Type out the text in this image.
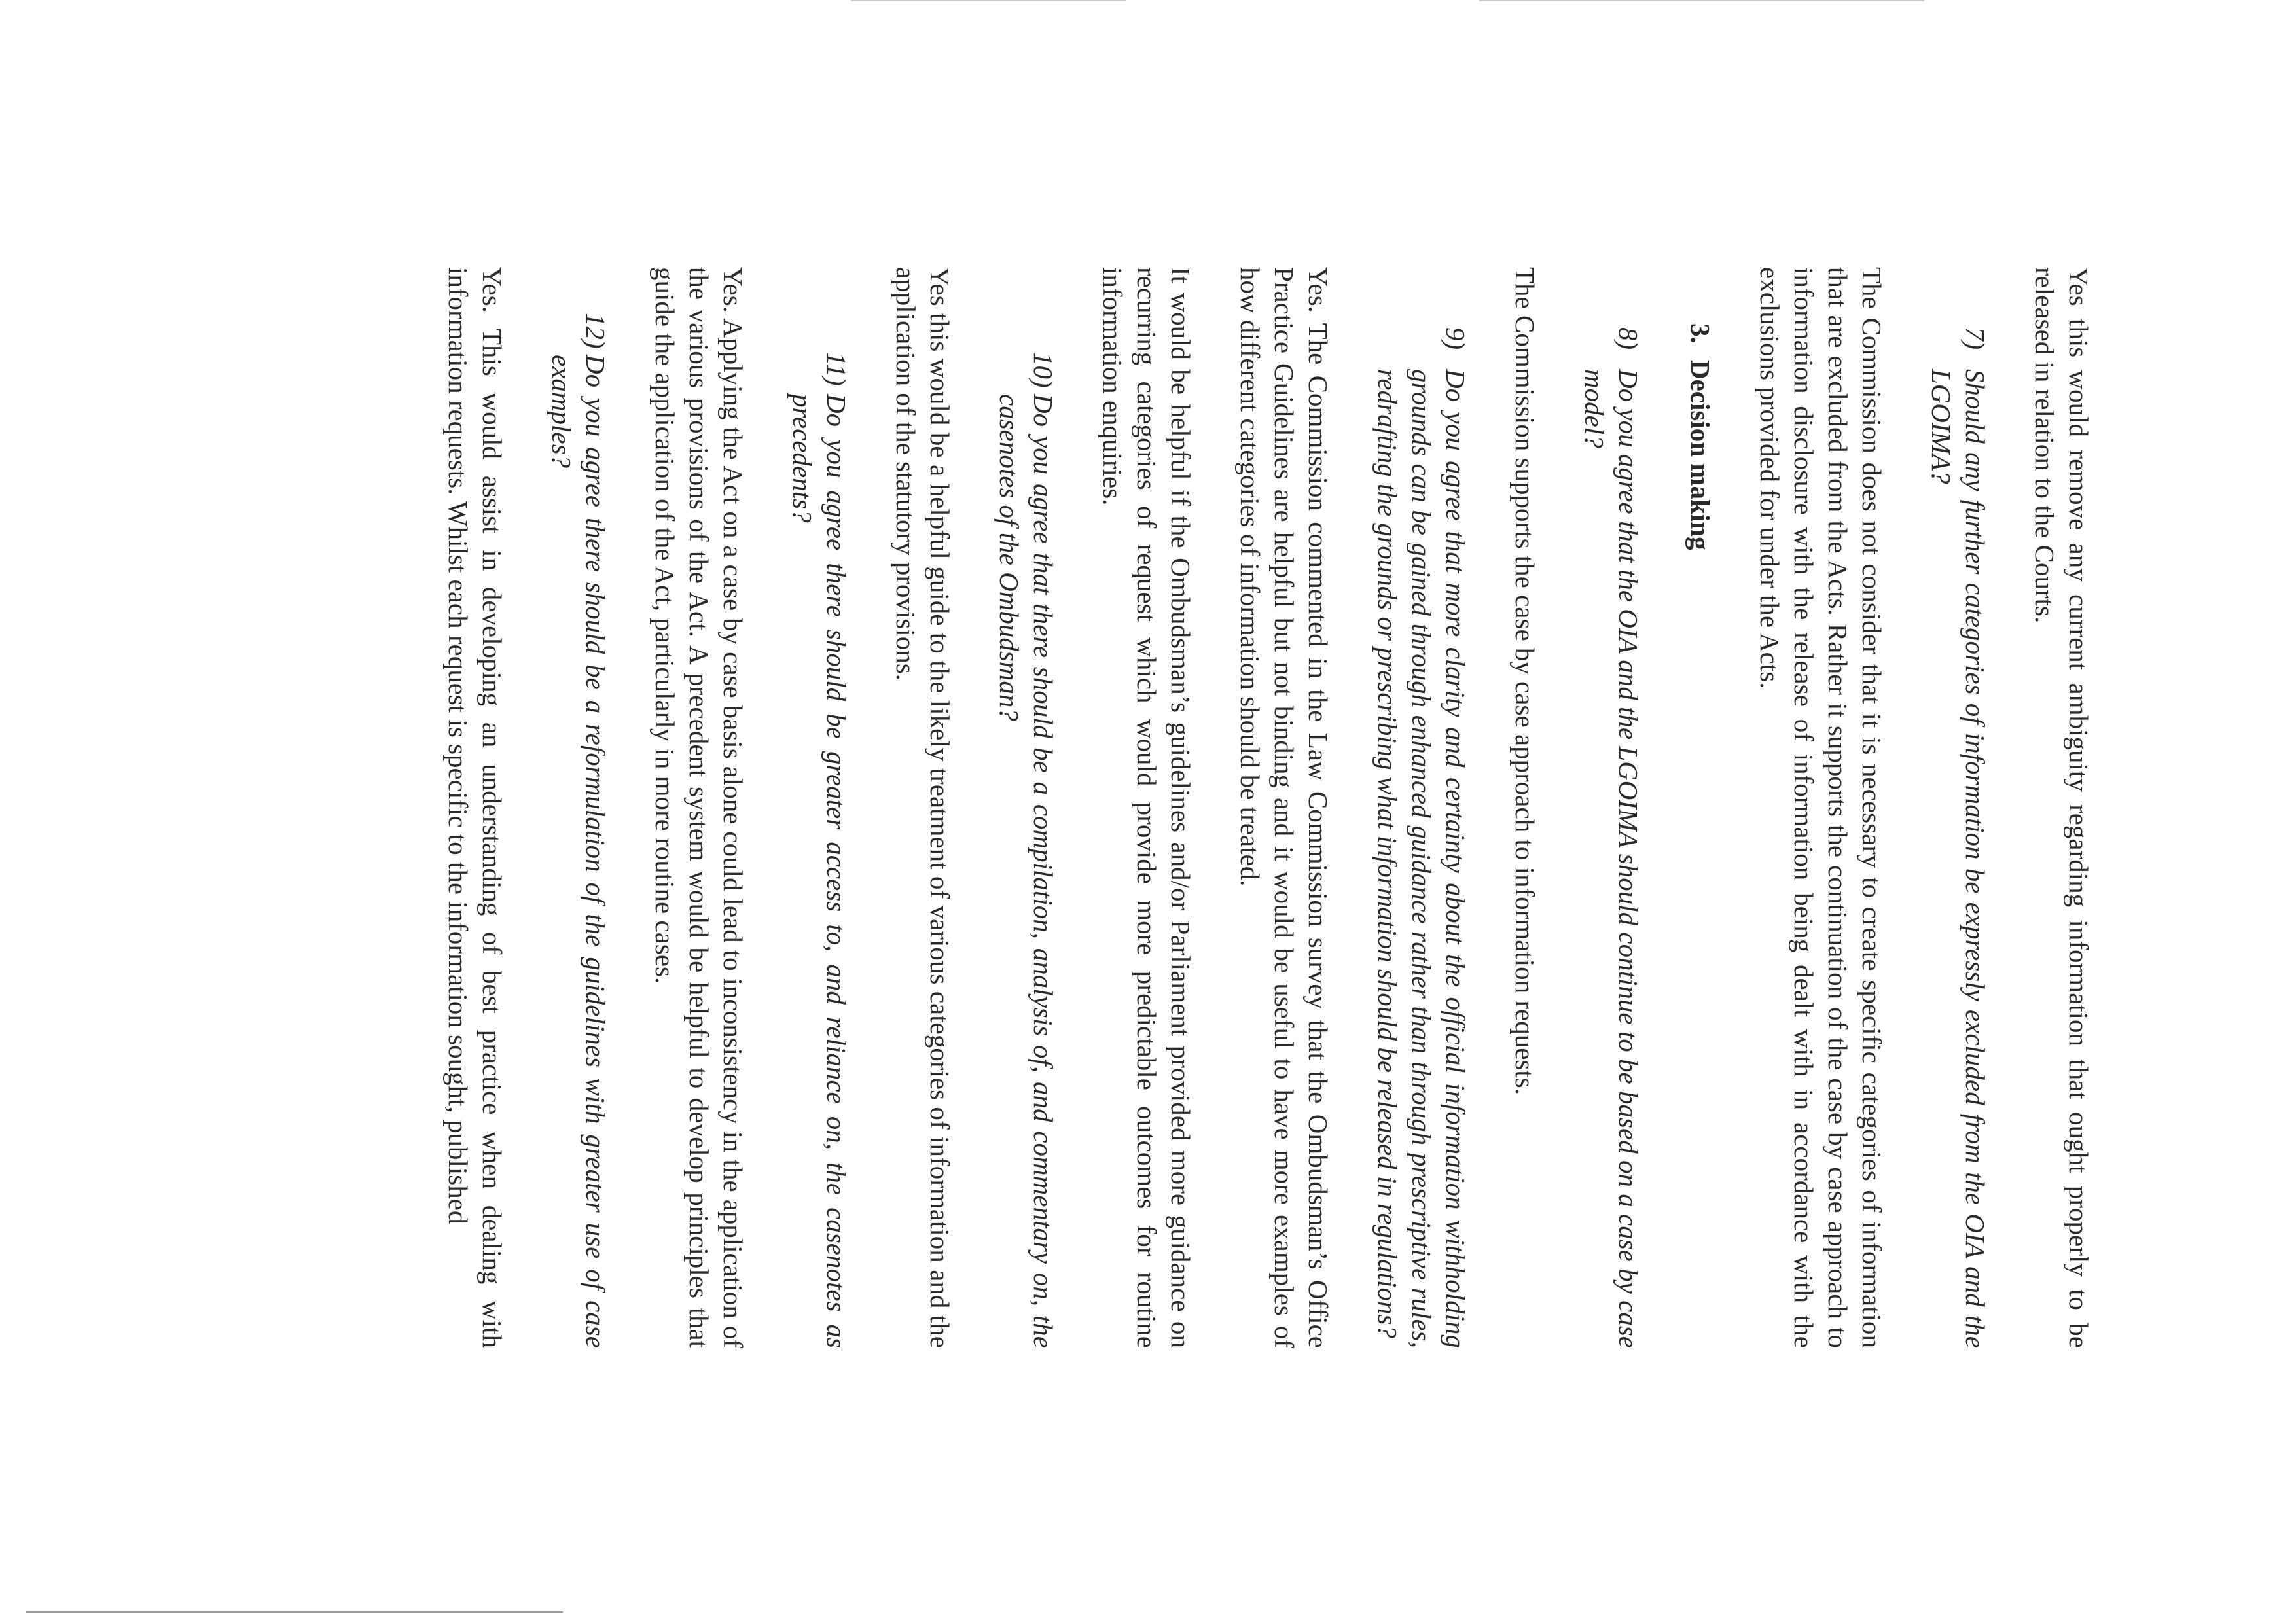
Yes this would remove any current ambiguity regarding information that ought properly to be released in relation to the Courts.

7)
Should any further categories of information be expressly excluded from the OIA and the LGOIMA?

The Commission does not consider that it is necessary to create specific categories of information that are excluded from the Acts. Rather it supports the continuation of the case by case approach to information disclosure with the release of information being dealt with in accordance with the exclusions provided for under the Acts.

3.
Decision making
8)
Do you agree that the OIA and the LGOIMA should continue to be based on a case by case model?

The Commission supports the case by case approach to information requests.

9)
Do you agree that more clarity and certainty about the official information withholding grounds can be gained through enhanced guidance rather than through prescriptive rules, redrafting the grounds or prescribing what information should be released in regulations?

Yes. The Commission commented in the Law Commission survey that the Ombudsman’s Office Practice Guidelines are helpful but not binding and it would be useful to have more examples of how different categories of information should be treated.

It would be helpful if the Ombudsman’s guidelines and/or Parliament provided more guidance on recurring categories of request which would provide more predictable outcomes for routine information enquiries.

10)
Do you agree that there should be a compilation, analysis of, and commentary on, the casenotes of the Ombudsman?

Yes this would be a helpful guide to the likely treatment of various categories of information and the application of the statutory provisions.

11)
Do you agree there should be greater access to, and reliance on, the casenotes as precedents?

Yes. Applying the Act on a case by case basis alone could lead to inconsistency in the application of the various provisions of the Act. A precedent system would be helpful to develop principles that guide the application of the Act, particularly in more routine cases.

12)
Do you agree there should be a reformulation of the guidelines with greater use of case examples?

Yes. This would assist in developing an understanding of best practice when dealing with information requests. Whilst each request is specific to the information sought, published
